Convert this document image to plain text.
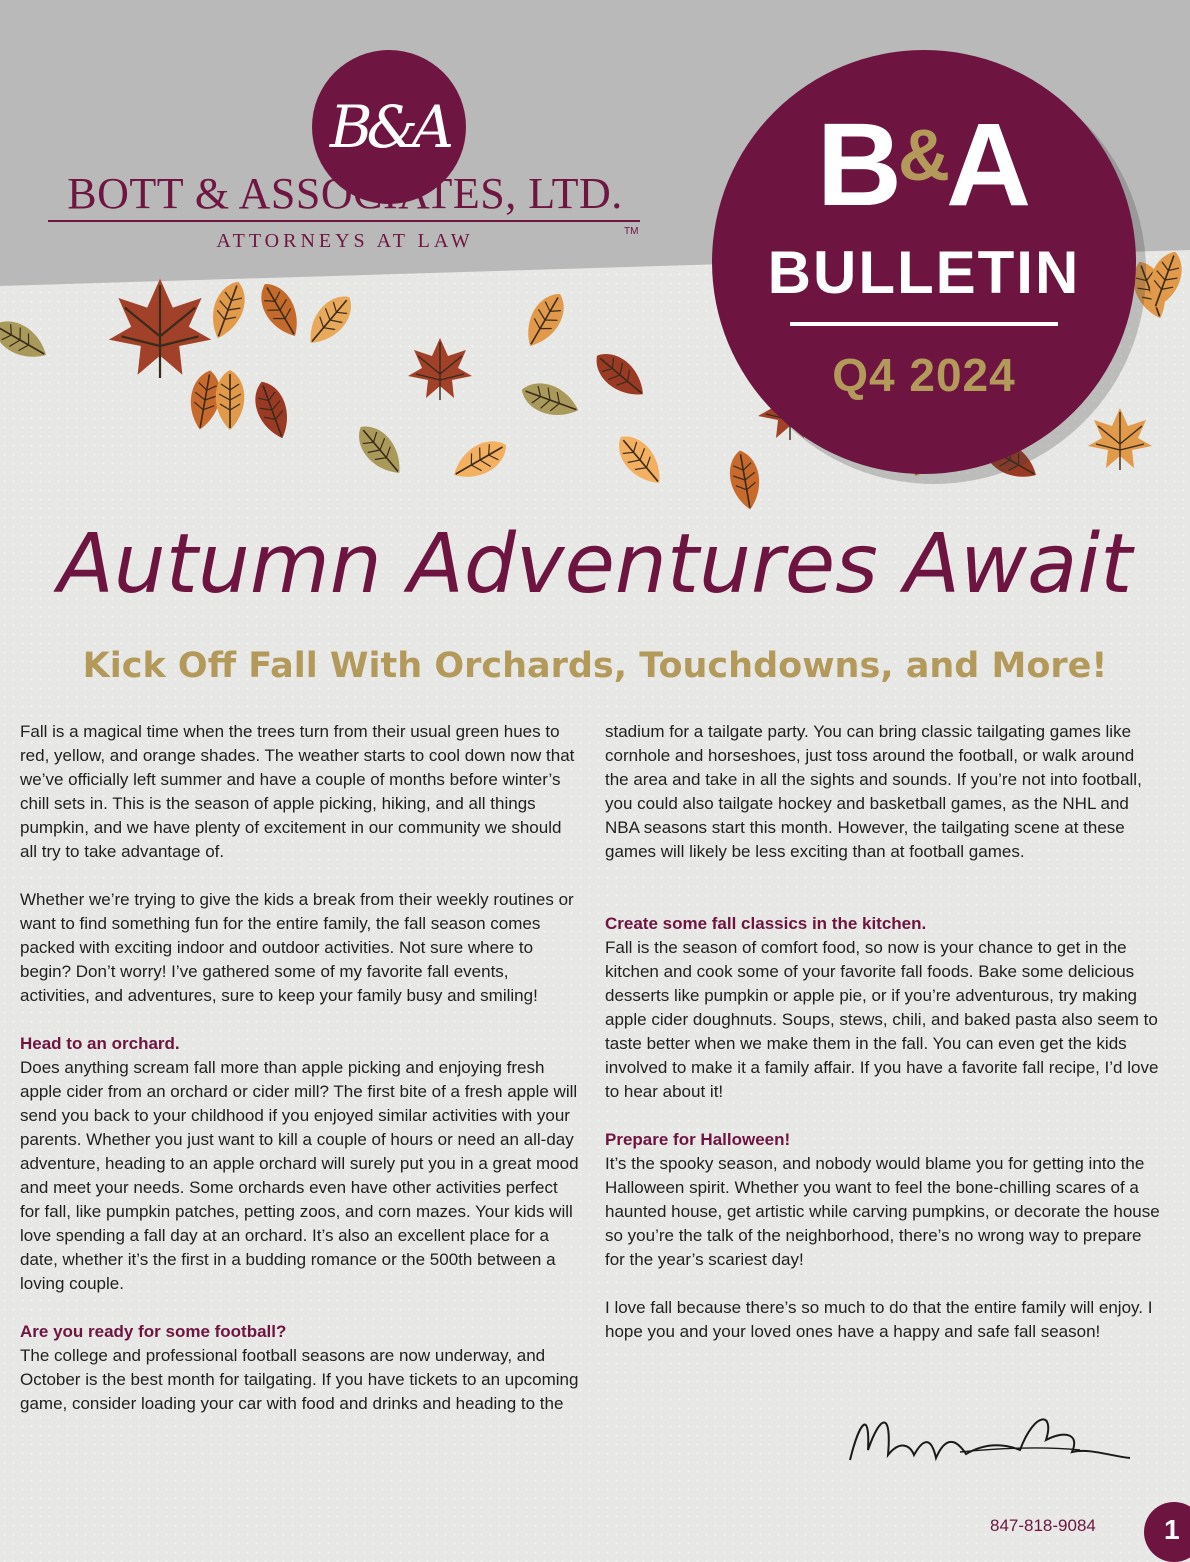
B&A
BOTT & ASSOCIATES, LTD.
ATTORNEYS AT LAW	TM
B&A
BULLETIN
Q4 2024
Autumn Adventures Await
Kick Off Fall With Orchards, Touchdowns, and More!

Fall is a magical time when the trees turn from their usual green hues to red, yellow, and orange shades. The weather starts to cool down now that we’ve officially left summer and have a couple of months before winter’s chill sets in. This is the season of apple picking, hiking, and all things pumpkin, and we have plenty of excitement in our community we should all try to take advantage of.

Whether we’re trying to give the kids a break from their weekly routines or want to find something fun for the entire family, the fall season comes packed with exciting indoor and outdoor activities. Not sure where to begin? Don’t worry! I’ve gathered some of my favorite fall events, activities, and adventures, sure to keep your family busy and smiling!

Head to an orchard.

Does anything scream fall more than apple picking and enjoying fresh apple cider from an orchard or cider mill? The first bite of a fresh apple will send you back to your childhood if you enjoyed similar activities with your parents. Whether you just want to kill a couple of hours or need an all-day adventure, heading to an apple orchard will surely put you in a great mood and meet your needs. Some orchards even have other activities perfect for fall, like pumpkin patches, petting zoos, and corn mazes. Your kids will love spending a fall day at an orchard. It’s also an excellent place for a date, whether it’s the first in a budding romance or the 500th between a loving couple.

Are you ready for some football?

The college and professional football seasons are now underway, and October is the best month for tailgating. If you have tickets to an upcoming game, consider loading your car with food and drinks and heading to the

stadium for a tailgate party. You can bring classic tailgating games like cornhole and horseshoes, just toss around the football, or walk around the area and take in all the sights and sounds. If you’re not into football, you could also tailgate hockey and basketball games, as the NHL and NBA seasons start this month. However, the tailgating scene at these games will likely be less exciting than at football games.

Create some fall classics in the kitchen.

Fall is the season of comfort food, so now is your chance to get in the kitchen and cook some of your favorite fall foods. Bake some delicious desserts like pumpkin or apple pie, or if you’re adventurous, try making apple cider doughnuts. Soups, stews, chili, and baked pasta also seem to taste better when we make them in the fall. You can even get the kids involved to make it a family affair. If you have a favorite fall recipe, I’d love to hear about it!

Prepare for Halloween!

It’s the spooky season, and nobody would blame you for getting into the Halloween spirit. Whether you want to feel the bone-chilling scares of a haunted house, get artistic while carving pumpkins, or decorate the house so you’re the talk of the neighborhood, there’s no wrong way to prepare for the year’s scariest day!

I love fall because there’s so much to do that the entire family will enjoy. I hope you and your loved ones have a happy and safe fall season!

847-818-9084 1
